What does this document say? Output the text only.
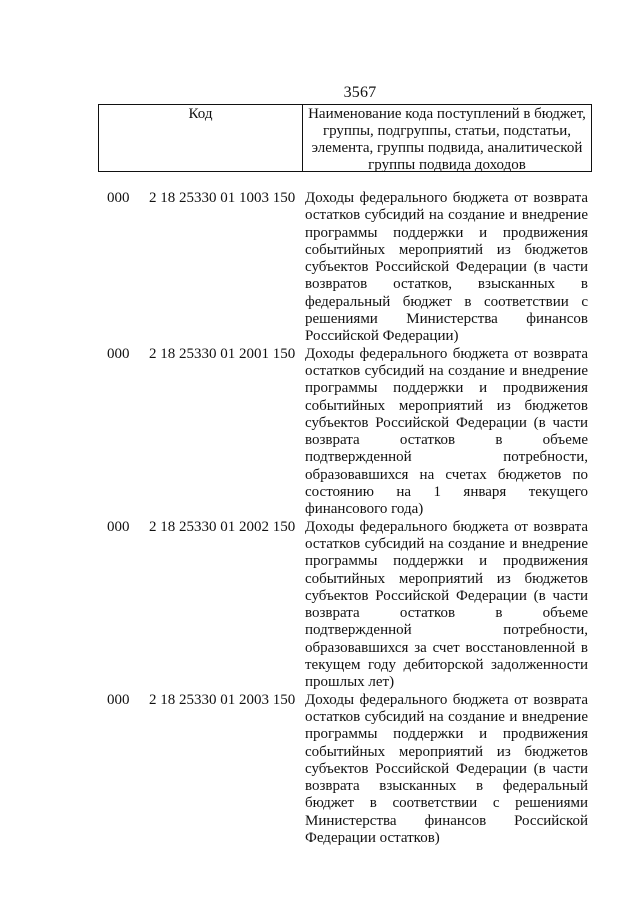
3567
Код	Наименование кода поступлений в бюджет, группы, подгруппы, статьи, подстатьи, элемента, группы подвида, аналитической группы подвида доходов
000 2 18 25330 01 1003 150 Доходы федерального бюджета от возврата остатков субсидий на создание и внедрение программы поддержки и продвижения событийных мероприятий из бюджетов субъектов Российской Федерации (в части возвратов остатков, взысканных в федеральный бюджет в соответствии с решениями Министерства финансов Российской Федерации)
000 2 18 25330 01 2001 150 Доходы федерального бюджета от возврата остатков субсидий на создание и внедрение программы поддержки и продвижения событийных мероприятий из бюджетов субъектов Российской Федерации (в части возврата остатков в объеме подтвержденной потребности, образовавшихся на счетах бюджетов по состоянию на 1 января текущего финансового года)
000 2 18 25330 01 2002 150 Доходы федерального бюджета от возврата остатков субсидий на создание и внедрение программы поддержки и продвижения событийных мероприятий из бюджетов субъектов Российской Федерации (в части возврата остатков в объеме подтвержденной потребности, образовавшихся за счет восстановленной в текущем году дебиторской задолженности прошлых лет)
000 2 18 25330 01 2003 150 Доходы федерального бюджета от возврата остатков субсидий на создание и внедрение программы поддержки и продвижения событийных мероприятий из бюджетов субъектов Российской Федерации (в части возврата взысканных в федеральный бюджет в соответствии с решениями Министерства финансов Российской Федерации остатков)
